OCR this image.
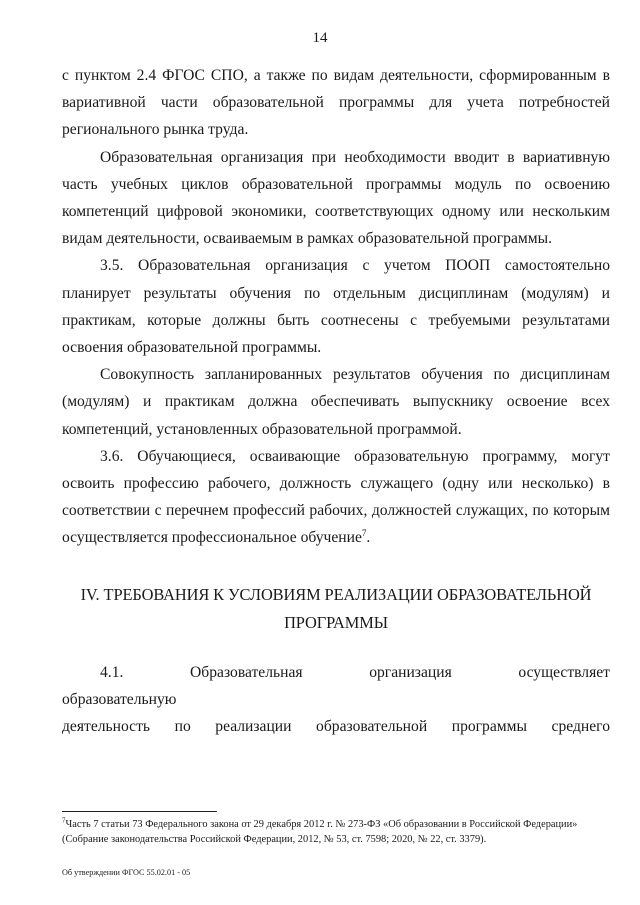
14

с пунктом 2.4 ФГОС СПО, а также по видам деятельности, сформированным в вариативной части образовательной программы для учета потребностей регионального рынка труда.

Образовательная организация при необходимости вводит в вариативную часть учебных циклов образовательной программы модуль по освоению компетенций цифровой экономики, соответствующих одному или нескольким видам деятельности, осваиваемым в рамках образовательной программы.

3.5. Образовательная организация с учетом ПООП самостоятельно планирует результаты обучения по отдельным дисциплинам (модулям) и практикам, которые должны быть соотнесены с требуемыми результатами освоения образовательной программы.

Совокупность запланированных результатов обучения по дисциплинам (модулям) и практикам должна обеспечивать выпускнику освоение всех компетенций, установленных образовательной программой.

3.6. Обучающиеся, осваивающие образовательную программу, могут освоить профессию рабочего, должность служащего (одну или несколько) в соответствии с перечнем профессий рабочих, должностей служащих, по которым осуществляется профессиональное обучение$^7$.

IV. ТРЕБОВАНИЯ К УСЛОВИЯМ РЕАЛИЗАЦИИ ОБРАЗОВАТЕЛЬНОЙ
ПРОГРАММЫ

4.1. Образовательная организация осуществляет образовательную

деятельность по реализации образовательной программы среднего

$^7$Часть 7 статьи 73 Федерального закона от 29 декабря 2012 г. № 273-ФЗ «Об образовании в Российской Федерации» (Собрание законодательства Российской Федерации, 2012, № 53, ст. 7598; 2020, № 22, ст. 3379).

Об утверждении ФГОС 55.02.01 - 05
